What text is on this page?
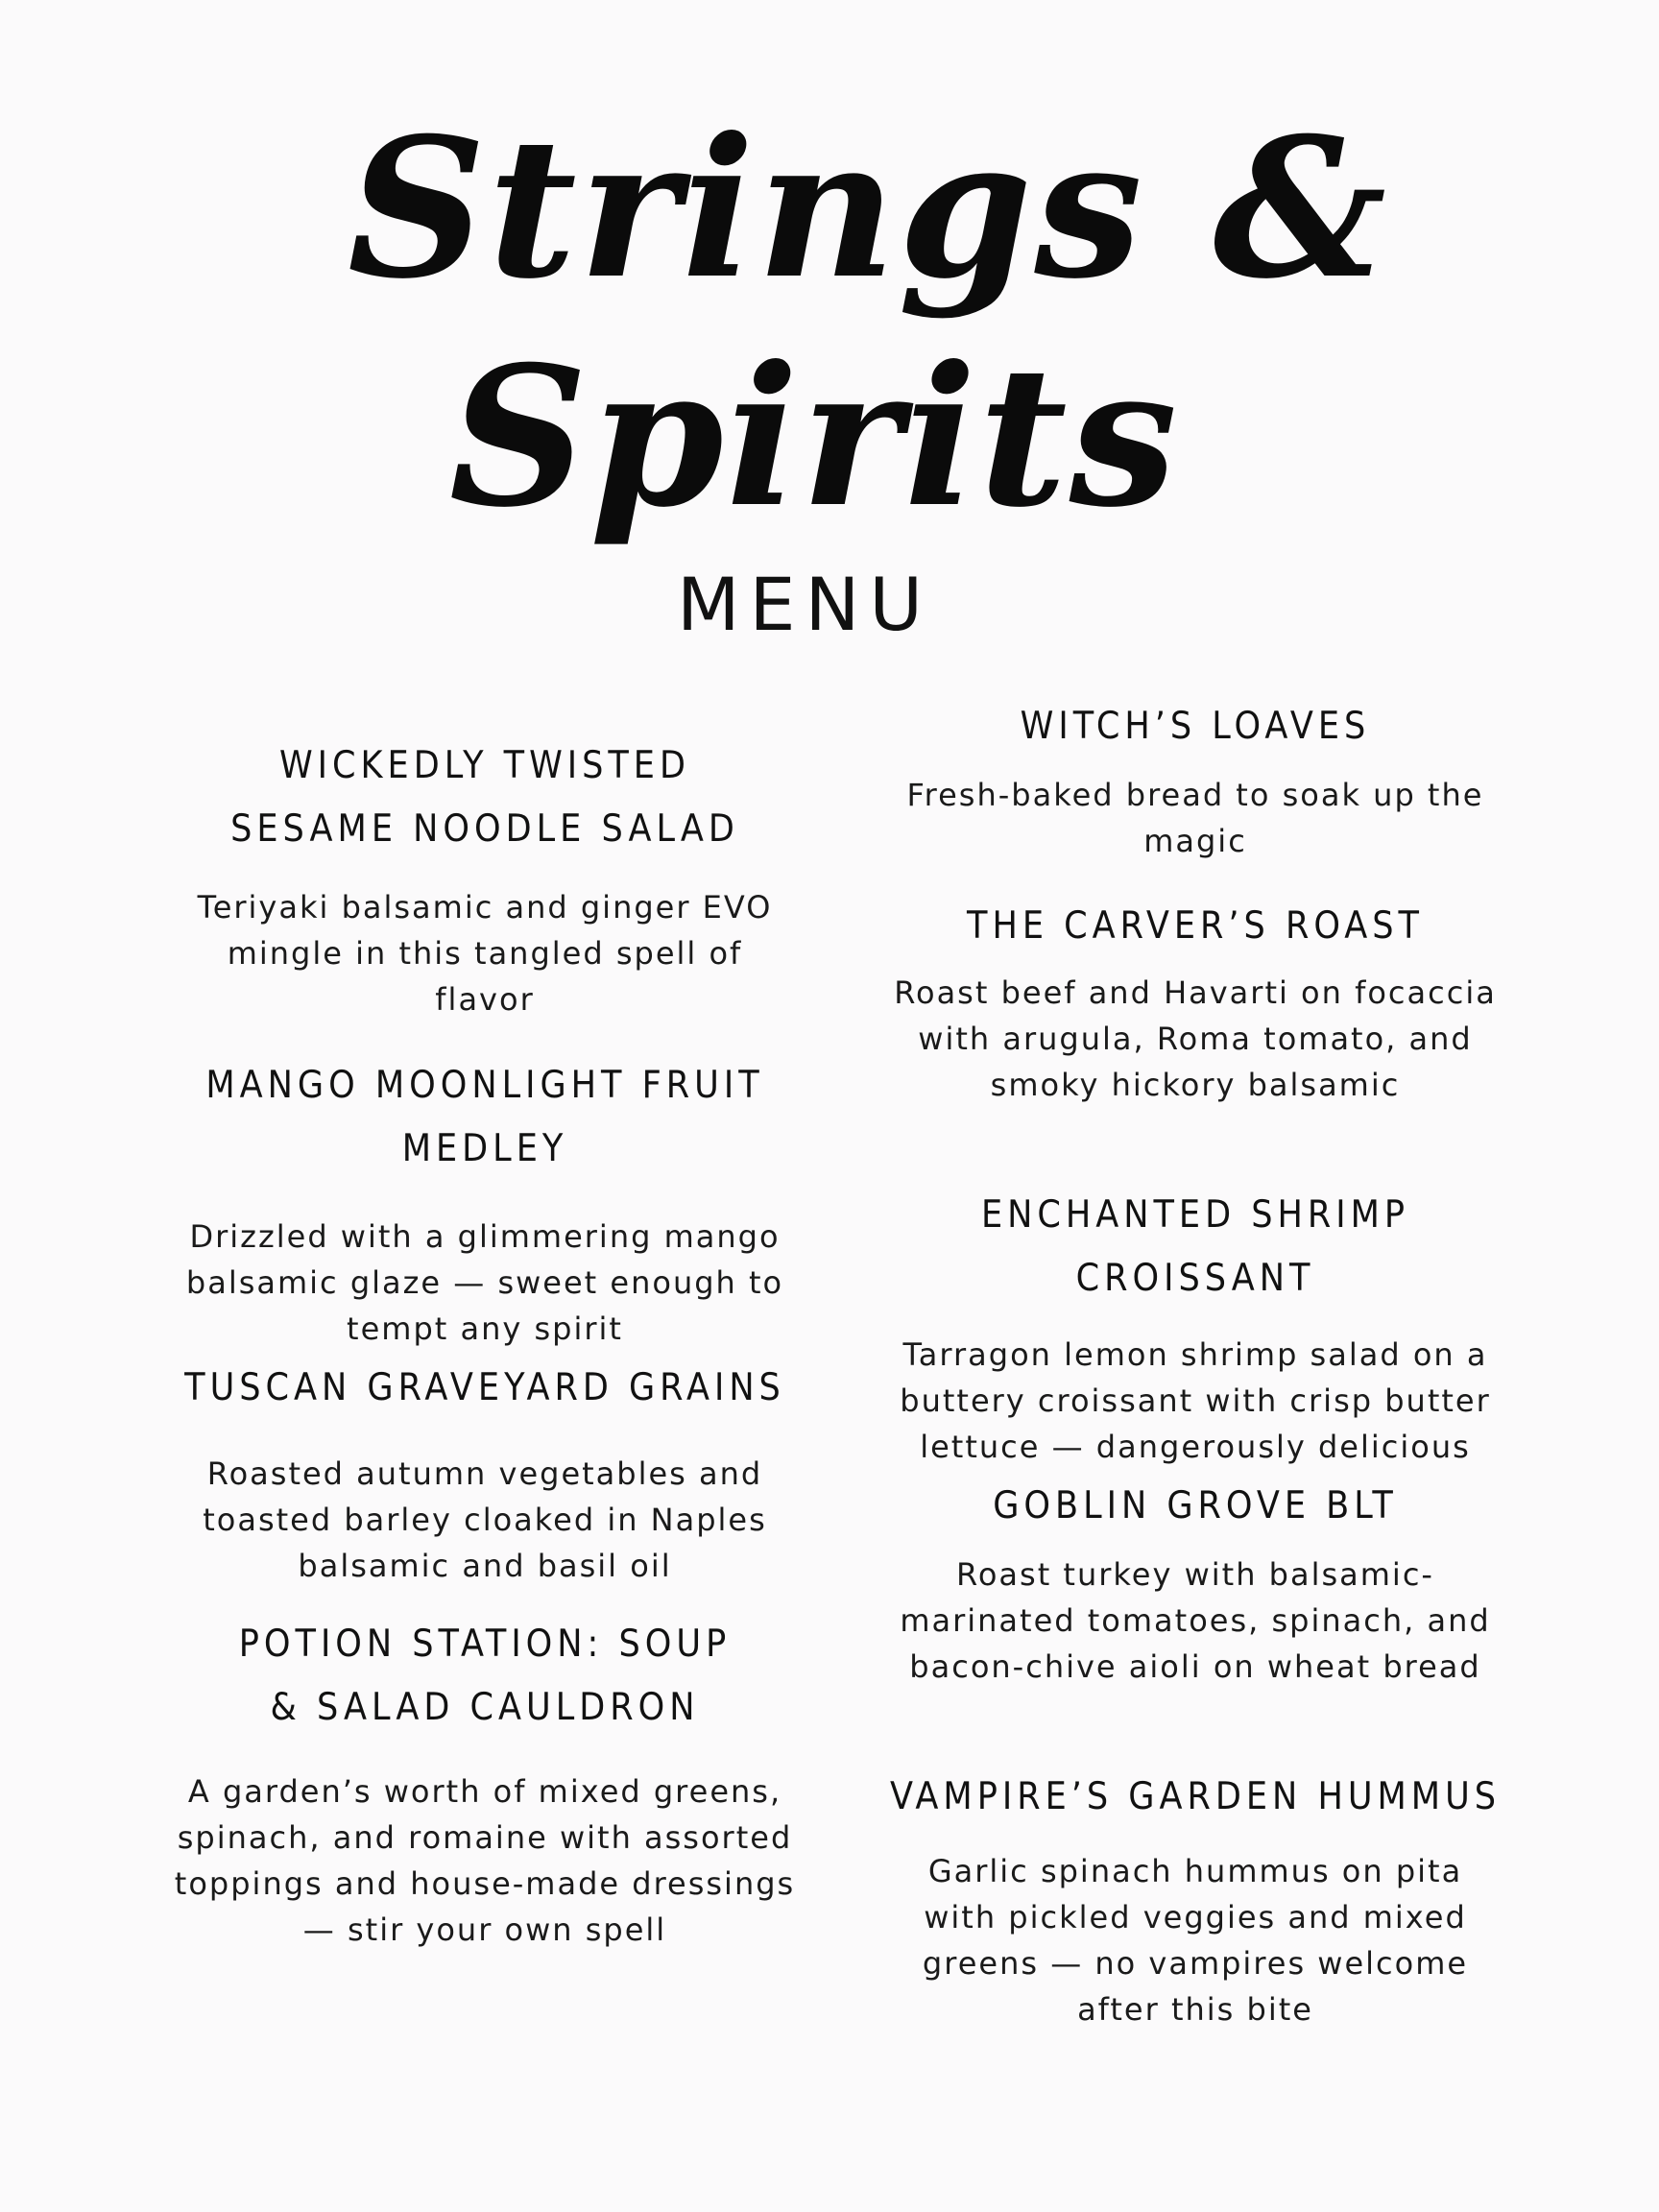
Strings &
Spirits
MENU
WICKEDLY TWISTED SESAME NOODLE SALAD
Teriyaki balsamic and ginger EVO mingle in this tangled spell of flavor
MANGO MOONLIGHT FRUIT MEDLEY
Drizzled with a glimmering mango balsamic glaze — sweet enough to tempt any spirit
TUSCAN GRAVEYARD GRAINS
Roasted autumn vegetables and toasted barley cloaked in Naples balsamic and basil oil
POTION STATION: SOUP & SALAD CAULDRON
A garden’s worth of mixed greens, spinach, and romaine with assorted toppings and house-made dressings — stir your own spell
WITCH’S LOAVES
Fresh-baked bread to soak up the magic
THE CARVER’S ROAST
Roast beef and Havarti on focaccia with arugula, Roma tomato, and smoky hickory balsamic
ENCHANTED SHRIMP CROISSANT
Tarragon lemon shrimp salad on a buttery croissant with crisp butter lettuce — dangerously delicious
GOBLIN GROVE BLT
Roast turkey with balsamic-marinated tomatoes, spinach, and bacon-chive aioli on wheat bread
VAMPIRE’S GARDEN HUMMUS
Garlic spinach hummus on pita with pickled veggies and mixed greens — no vampires welcome after this bite
